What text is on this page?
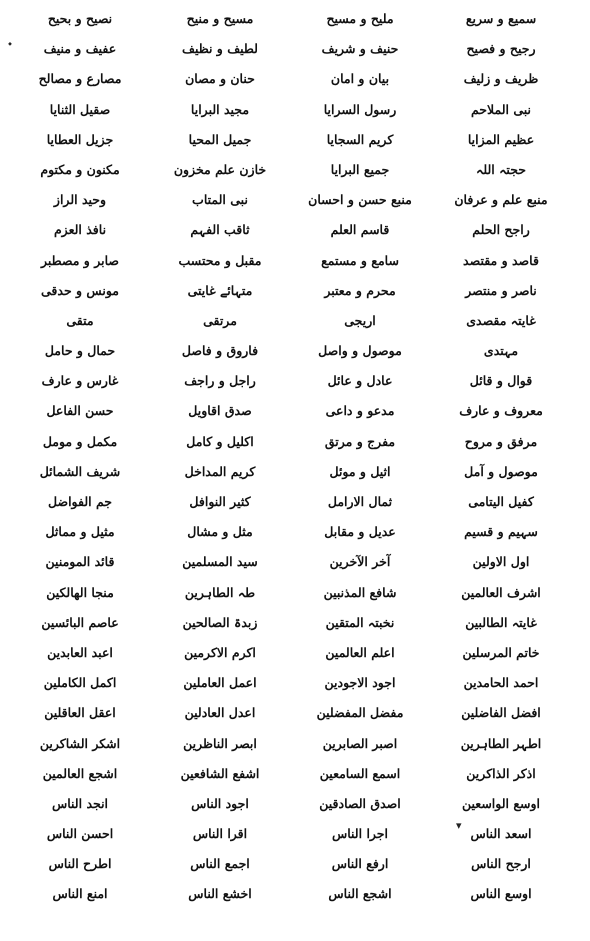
نصیح و بحیح	مسیح و منیح	ملیح و مسیح	سمیع و سریع
عفیف و منیف	لطیف و نظیف	حنیف و شریف	رجیح و فصیح
مصارع و مصالح	حنان و مصان	بیان و امان	ظریف و زلیف
صقیل الثنایا	مجید البرایا	رسول السرایا	نبی الملاحم
جزیل العطایا	جمیل المحیا	کریم السجایا	عظیم المزایا
مکنون و مکتوم	خازن علم مخزون	جمیع البرایا	حجتہ اللہ
وحید الراز	نبی المتاب	منبع حسن و احسان	منبع علم و عرفان
نافذ العزم	ثاقب الفہم	قاسم العلم	راجح الحلم
صابر و مصطبر	مقبل و محتسب	سامع و مستمع	قاصد و مقتصد
مونس و حدقی	متہائے غایتی	محرم و معتبر	ناصر و منتصر
متقی	مرتقی	اریجی	غایتہ مقصدی
حمال و حامل	فاروق و فاصل	موصول و واصل	مہتدی
غارس و عارف	راجل و راجف	عادل و عائل	قوال و قائل
حسن الفاعل	صدق اقاویل	مدعو و داعی	معروف و عارف
مکمل و مومل	اکلیل و کامل	مفرج و مرتق	مرفق و مروح
شریف الشمائل	کریم المداخل	اثیل و موئل	موصول و آمل
جم الفواضل	کثیر النوافل	ثمال الارامل	کفیل الیتامی
مثیل و مماثل	مثل و مشال	عدیل و مقابل	سہیم و قسیم
قائد المومنین	سید المسلمین	آخر الآخرین	اول الاولین
منجا الھالکین	طہ الطاہرین	شافع المذنبین	اشرف العالمین
عاصم البائسین	زبدۃ الصالحین	نخبتہ المتقین	غایتہ الطالبین
اعبد العابدین	اکرم الاکرمین	اعلم العالمین	خاتم المرسلین
اکمل الکاملین	اعمل العاملین	اجود الاجودین	احمد الحامدین
اعقل العاقلین	اعدل العادلین	مفضل المفضلین	افضل الفاضلین
اشکر الشاکرین	ابصر الناظرین	اصبر الصابرین	اطہر الطاہرین
اشجع العالمین	اشفع الشافعین	اسمع السامعین	اذکر الذاکرین
انجد الناس	اجود الناس	اصدق الصادقین	اوسع الواسعین
احسن الناس	اقرا الناس	اجرا الناس	اسعد الناس
اطرح الناس	اجمع الناس	ارفع الناس	ارجح الناس
امنع الناس	اخشع الناس	اشجع الناس	اوسع الناس
⬩
▾
